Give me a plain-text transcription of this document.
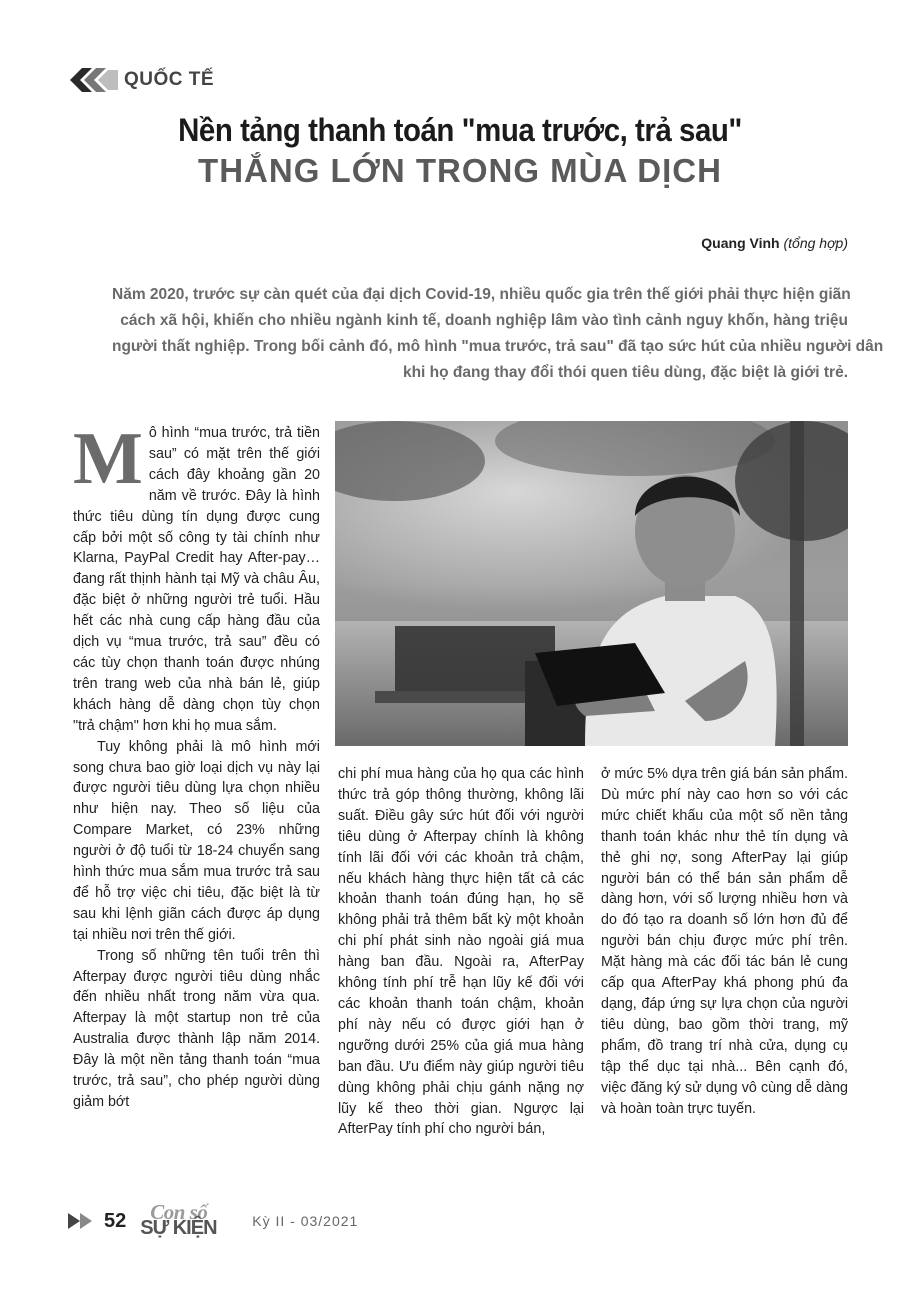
QUỐC TẾ
Nền tảng thanh toán "mua trước, trả sau"
THẮNG LỚN TRONG MÙA DỊCH
Quang Vinh (tổng hợp)
Năm 2020, trước sự càn quét của đại dịch Covid-19, nhiều quốc gia trên thế giới phải thực hiện giãn
cách xã hội, khiến cho nhiều ngành kinh tế, doanh nghiệp lâm vào tình cảnh nguy khốn, hàng triệu
người thất nghiệp. Trong bối cảnh đó, mô hình "mua trước, trả sau" đã tạo sức hút của nhiều người dân
khi họ đang thay đổi thói quen tiêu dùng, đặc biệt là giới trẻ.

Mô hình “mua trước, trả tiền sau” có mặt trên thế giới cách đây khoảng gần 20 năm về trước. Đây là hình thức tiêu dùng tín dụng được cung cấp bởi một số công ty tài chính như Klarna, PayPal Credit hay After-pay… đang rất thịnh hành tại Mỹ và châu Âu, đặc biệt ở những người trẻ tuổi. Hầu hết các nhà cung cấp hàng đầu của dịch vụ “mua trước, trả sau” đều có các tùy chọn thanh toán được nhúng trên trang web của nhà bán lẻ, giúp khách hàng dễ dàng chọn tùy chọn "trả chậm" hơn khi họ mua sắm.

Tuy không phải là mô hình mới song chưa bao giờ loại dịch vụ này lại được người tiêu dùng lựa chọn nhiều như hiện nay. Theo số liệu của Compare Market, có 23% những người ở độ tuổi từ 18-24 chuyển sang hình thức mua sắm mua trước trả sau để hỗ trợ việc chi tiêu, đặc biệt là từ sau khi lệnh giãn cách được áp dụng tại nhiều nơi trên thế giới.

Trong số những tên tuổi trên thì Afterpay được người tiêu dùng nhắc đến nhiều nhất trong năm vừa qua. Afterpay là một startup non trẻ của Australia được thành lập năm 2014. Đây là một nền tảng thanh toán “mua trước, trả sau”, cho phép người dùng giảm bớt

chi phí mua hàng của họ qua các hình thức trả góp thông thường, không lãi suất. Điều gây sức hút đối với người tiêu dùng ở Afterpay chính là không tính lãi đối với các khoản trả chậm, nếu khách hàng thực hiện tất cả các khoản thanh toán đúng hạn, họ sẽ không phải trả thêm bất kỳ một khoản chi phí phát sinh nào ngoài giá mua hàng ban đầu. Ngoài ra, AfterPay không tính phí trễ hạn lũy kế đối với các khoản thanh toán chậm, khoản phí này nếu có được giới hạn ở ngưỡng dưới 25% của giá mua hàng ban đầu. Ưu điểm này giúp người tiêu dùng không phải chịu gánh nặng nợ lũy kế theo thời gian. Ngược lại AfterPay tính phí cho người bán,

ở mức 5% dựa trên giá bán sản phẩm. Dù mức phí này cao hơn so với các mức chiết khấu của một số nền tảng thanh toán khác như thẻ tín dụng và thẻ ghi nợ, song AfterPay lại giúp người bán có thể bán sản phẩm dễ dàng hơn, với số lượng nhiều hơn và do đó tạo ra doanh số lớn hơn đủ để người bán chịu được mức phí trên. Mặt hàng mà các đối tác bán lẻ cung cấp qua AfterPay khá phong phú đa dạng, đáp ứng sự lựa chọn của người tiêu dùng, bao gồm thời trang, mỹ phẩm, đồ trang trí nhà cửa, dụng cụ tập thể dục tại nhà... Bên cạnh đó, việc đăng ký sử dụng vô cùng dễ dàng và hoàn toàn trực tuyến.

52 Con số
SỰ KIỆN	Kỳ II - 03/2021
